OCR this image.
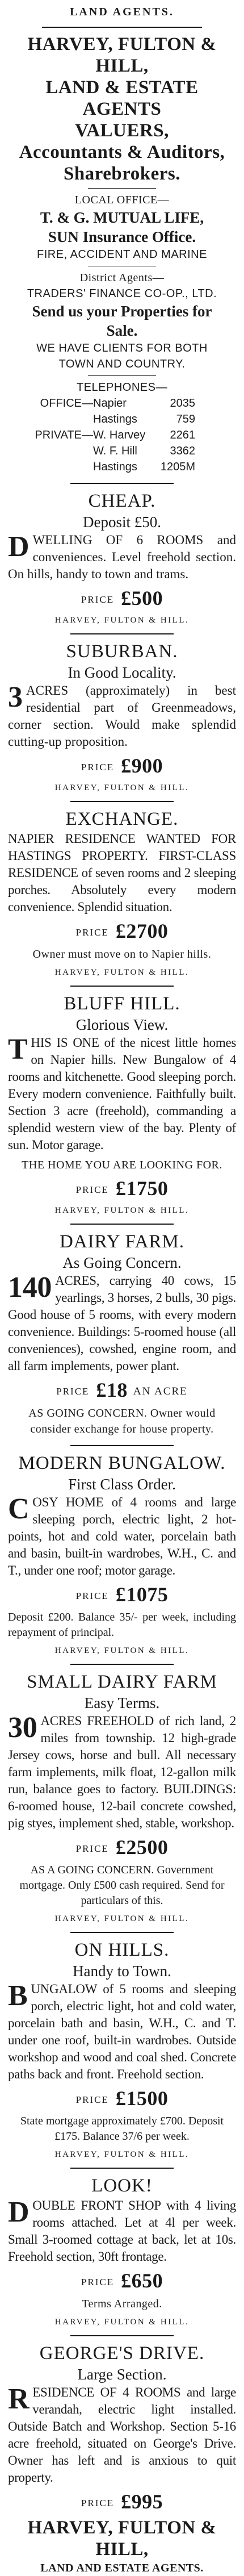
LAND AGENTS.
HARVEY, FULTON & HILL,
LAND & ESTATE AGENTS
VALUERS,
Accountants & Auditors,
Sharebrokers.
LOCAL OFFICE—
T. & G. MUTUAL LIFE,
SUN Insurance Office.
FIRE, ACCIDENT AND MARINE
District Agents—
TRADERS' FINANCE CO-OP., LTD.
Send us your Properties for
Sale.
WE HAVE CLIENTS FOR BOTH
TOWN AND COUNTRY.
TELEPHONES—
OFFICE— Napier	2035
Hastings	759
PRIVATE— W. Harvey	2261
W. F. Hill	3362
Hastings	1205M
CHEAP.
Deposit £50.

DWELLING OF 6 ROOMS and conveniences. Level freehold section. On hills, handy to town and trams.

PRICE £500
HARVEY, FULTON & HILL.
SUBURBAN.
In Good Locality.

3 ACRES (approximately) in best residential part of Greenmeadows, corner section. Would make splendid cutting-up proposition.

PRICE £900
HARVEY, FULTON & HILL.
EXCHANGE.

NAPIER RESIDENCE WANTED FOR HASTINGS PROPERTY. FIRST-CLASS RESIDENCE of seven rooms and 2 sleeping porches. Absolutely every modern convenience. Splendid situation.

PRICE £2700
Owner must move on to Napier hills.
HARVEY, FULTON & HILL.
BLUFF HILL.
Glorious View.

THIS IS ONE of the nicest little homes on Napier hills. New Bungalow of 4 rooms and kitchenette. Good sleeping porch. Every modern convenience. Faithfully built. Section 3 acre (freehold), commanding a splendid western view of the bay. Plenty of sun. Motor garage.

THE HOME YOU ARE LOOKING FOR.
PRICE £1750
HARVEY, FULTON & HILL.
DAIRY FARM.
As Going Concern.

140 ACRES, carrying 40 cows, 15 yearlings, 3 horses, 2 bulls, 30 pigs. Good house of 5 rooms, with every modern convenience. Buildings: 5-roomed house (all conveniences), cowshed, engine room, and all farm implements, power plant.

PRICE £18 AN ACRE
AS GOING CONCERN. Owner would consider exchange for house property.
MODERN BUNGALOW.
First Class Order.

COSY HOME of 4 rooms and large sleeping porch, electric light, 2 hot-points, hot and cold water, porcelain bath and basin, built-in wardrobes, W.H., C. and T., under one roof; motor garage.

PRICE £1075

Deposit £200. Balance 35/- per week, including repayment of principal.

HARVEY, FULTON & HILL.
SMALL DAIRY FARM
Easy Terms.

30 ACRES FREEHOLD of rich land, 2 miles from township. 12 high-grade Jersey cows, horse and bull. All necessary farm implements, milk float, 12-gallon milk run, balance goes to factory. BUILDINGS: 6-roomed house, 12-bail concrete cowshed, pig styes, implement shed, stable, workshop.

PRICE £2500

AS A GOING CONCERN. Government mortgage. Only £500 cash required. Send for particulars of this.

HARVEY, FULTON & HILL.
ON HILLS.
Handy to Town.

BUNGALOW of 5 rooms and sleeping porch, electric light, hot and cold water, porcelain bath and basin, W.H., C. and T. under one roof, built-in wardrobes. Outside workshop and wood and coal shed. Concrete paths back and front. Freehold section.

PRICE £1500

State mortgage approximately £700. Deposit £175. Balance 37/6 per week.

HARVEY, FULTON & HILL.
LOOK!

DOUBLE FRONT SHOP with 4 living rooms attached. Let at 4l per week. Small 3-roomed cottage at back, let at 10s. Freehold section, 30ft frontage.

PRICE £650
Terms Arranged.
HARVEY, FULTON & HILL.
GEORGE'S DRIVE.
Large Section.

RESIDENCE OF 4 ROOMS and large verandah, electric light installed. Outside Batch and Workshop. Section 5-16 acre freehold, situated on George's Drive. Owner has left and is anxious to quit property.

PRICE £995
HARVEY, FULTON &
HILL,
LAND AND ESTATE AGENTS.
